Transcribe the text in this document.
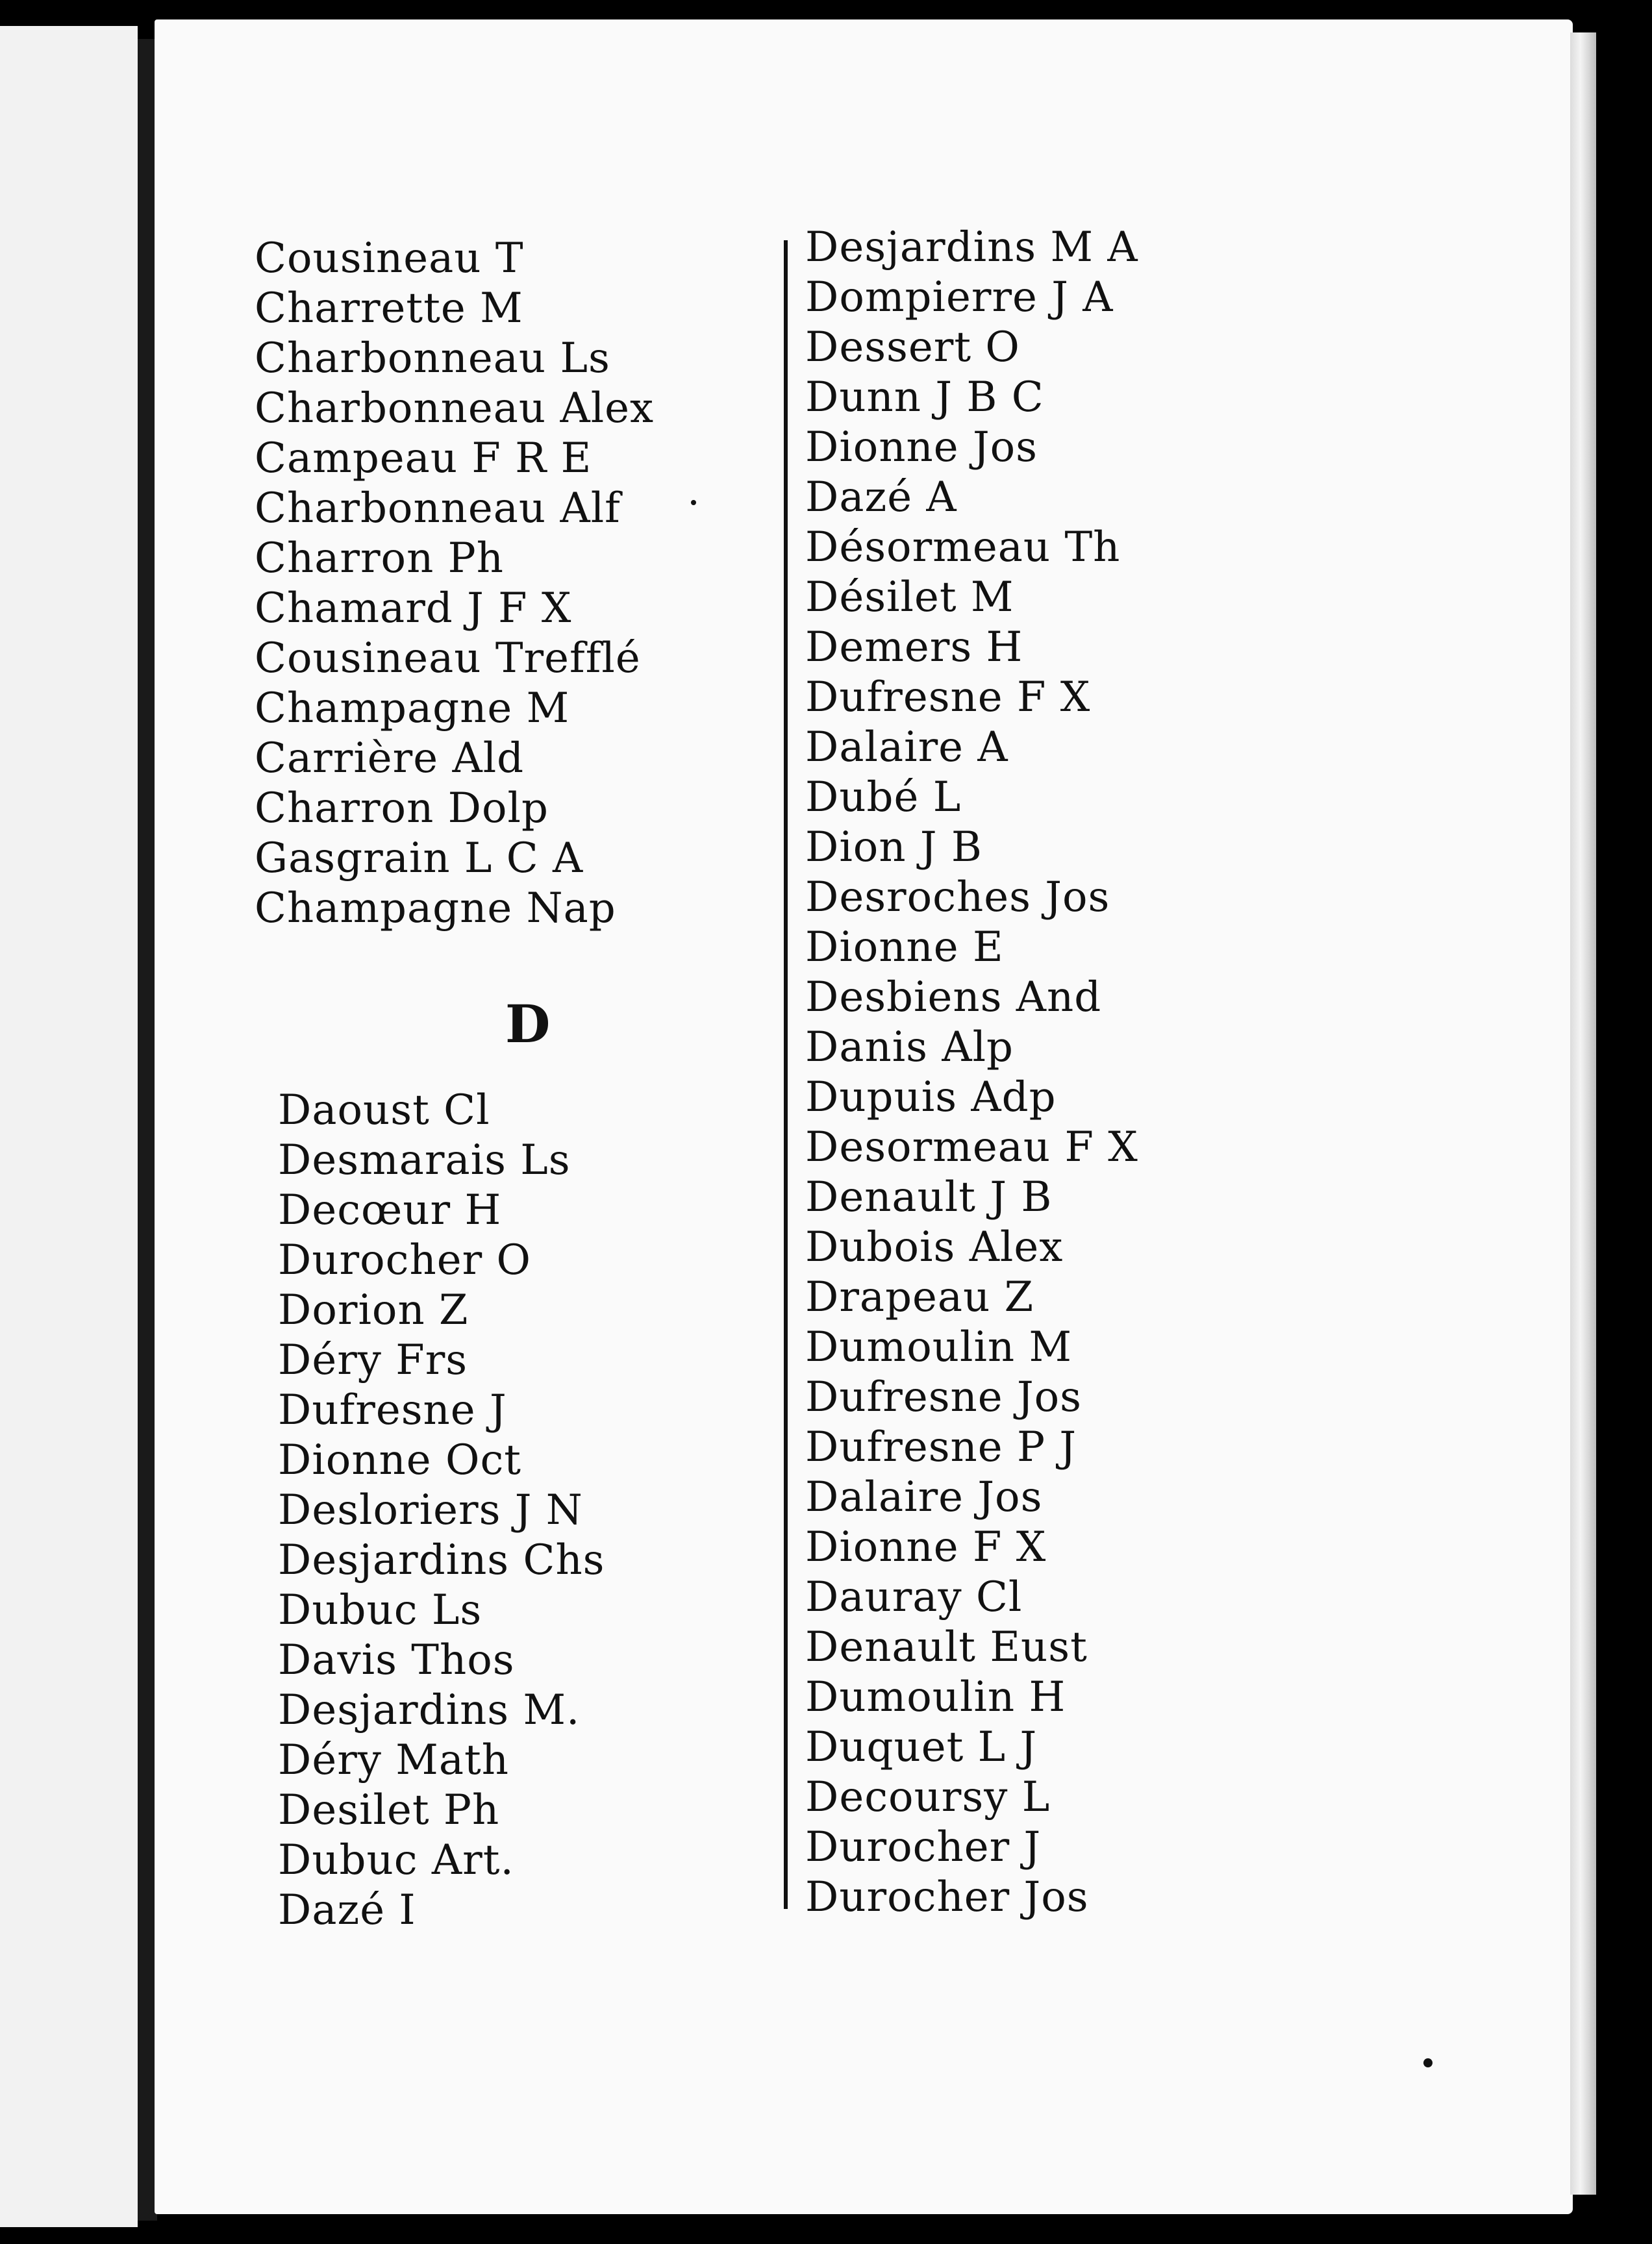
Cousineau T
Charrette M
Charbonneau Ls
Charbonneau Alex
Campeau F R E
Charbonneau Alf
Charron Ph
Chamard J F X
Cousineau Trefflé
Champagne M
Carrière Ald
Charron Dolp
Gasgrain L C A
Champagne Nap
D
Daoust Cl
Desmarais Ls
Decœur H
Durocher O
Dorion Z
Déry Frs
Dufresne J
Dionne Oct
Desloriers J N
Desjardins Chs
Dubuc Ls
Davis Thos
Desjardins M.
Déry Math
Desilet Ph
Dubuc Art.
Dazé I
Desjardins M A
Dompierre J A
Dessert O
Dunn J B C
Dionne Jos
Dazé A
Désormeau Th
Désilet M
Demers H
Dufresne F X
Dalaire A
Dubé L
Dion J B
Desroches Jos
Dionne E
Desbiens And
Danis Alp
Dupuis Adp
Desormeau F X
Denault J B
Dubois Alex
Drapeau Z
Dumoulin M
Dufresne Jos
Dufresne P J
Dalaire Jos
Dionne F X
Dauray Cl
Denault Eust
Dumoulin H
Duquet L J
Decoursy L
Durocher J
Durocher Jos
